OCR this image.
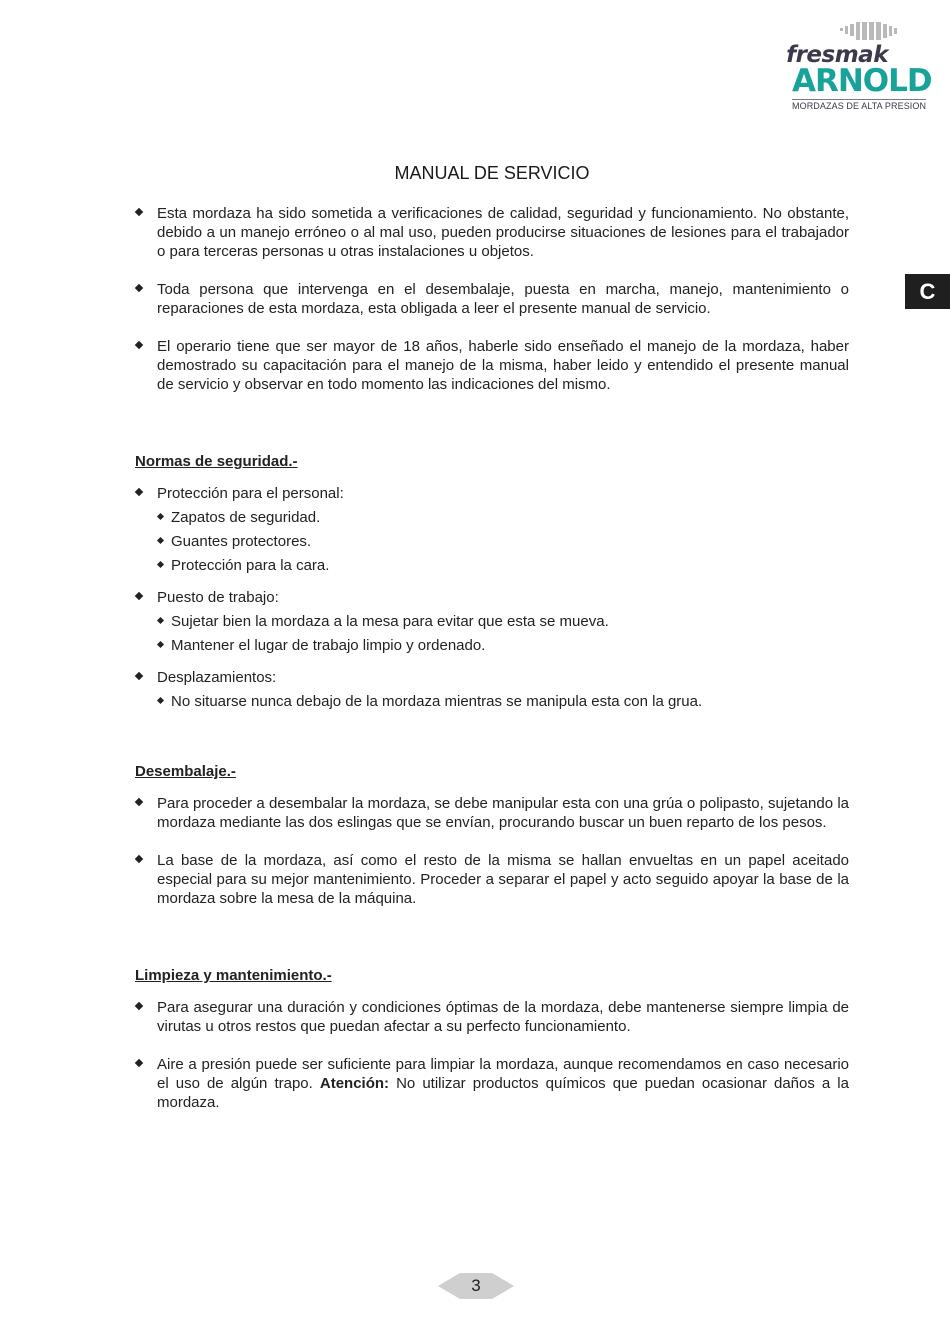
fresmak
ARNOLD
MORDAZAS DE ALTA PRESION
C
MANUAL DE SERVICIO

Esta mordaza ha sido sometida a verificaciones de calidad, seguridad y funcionamiento. No obstante, debido a un manejo erróneo o al mal uso, pueden producirse situaciones de lesiones para el trabajador o para terceras personas u otras instalaciones u objetos.

Toda persona que intervenga en el desembalaje, puesta en marcha, manejo, mantenimiento o reparaciones de esta mordaza, esta obligada a leer el presente manual de servicio.

El operario tiene que ser mayor de 18 años, haberle sido enseñado el manejo de la mordaza, haber demostrado su capacitación para el manejo de la misma, haber leido y entendido el presente manual de servicio y observar en todo momento las indicaciones del mismo.

Normas de seguridad.-
Protección para el personal:
Zapatos de seguridad.
Guantes protectores.
Protección para la cara.
Puesto de trabajo:
Sujetar bien la mordaza a la mesa para evitar que esta se mueva.
Mantener el lugar de trabajo limpio y ordenado.
Desplazamientos:
No situarse nunca debajo de la mordaza mientras se manipula esta con la grua.
Desembalaje.-

Para proceder a desembalar la mordaza, se debe manipular esta con una grúa o polipasto, sujetando la mordaza mediante las dos eslingas que se envían, procurando buscar un buen reparto de los pesos.

La base de la mordaza, así como el resto de la misma se hallan envueltas en un papel aceitado especial para su mejor mantenimiento. Proceder a separar el papel y acto seguido apoyar la base de la mordaza sobre la mesa de la máquina.

Limpieza y mantenimiento.-

Para asegurar una duración y condiciones óptimas de la mordaza, debe mantenerse siempre limpia de virutas u otros restos que puedan afectar a su perfecto funcionamiento.

Aire a presión puede ser suficiente para limpiar la mordaza, aunque recomendamos en caso necesario el uso de algún trapo. Atención: No utilizar productos químicos que puedan ocasionar daños a la mordaza.

3
